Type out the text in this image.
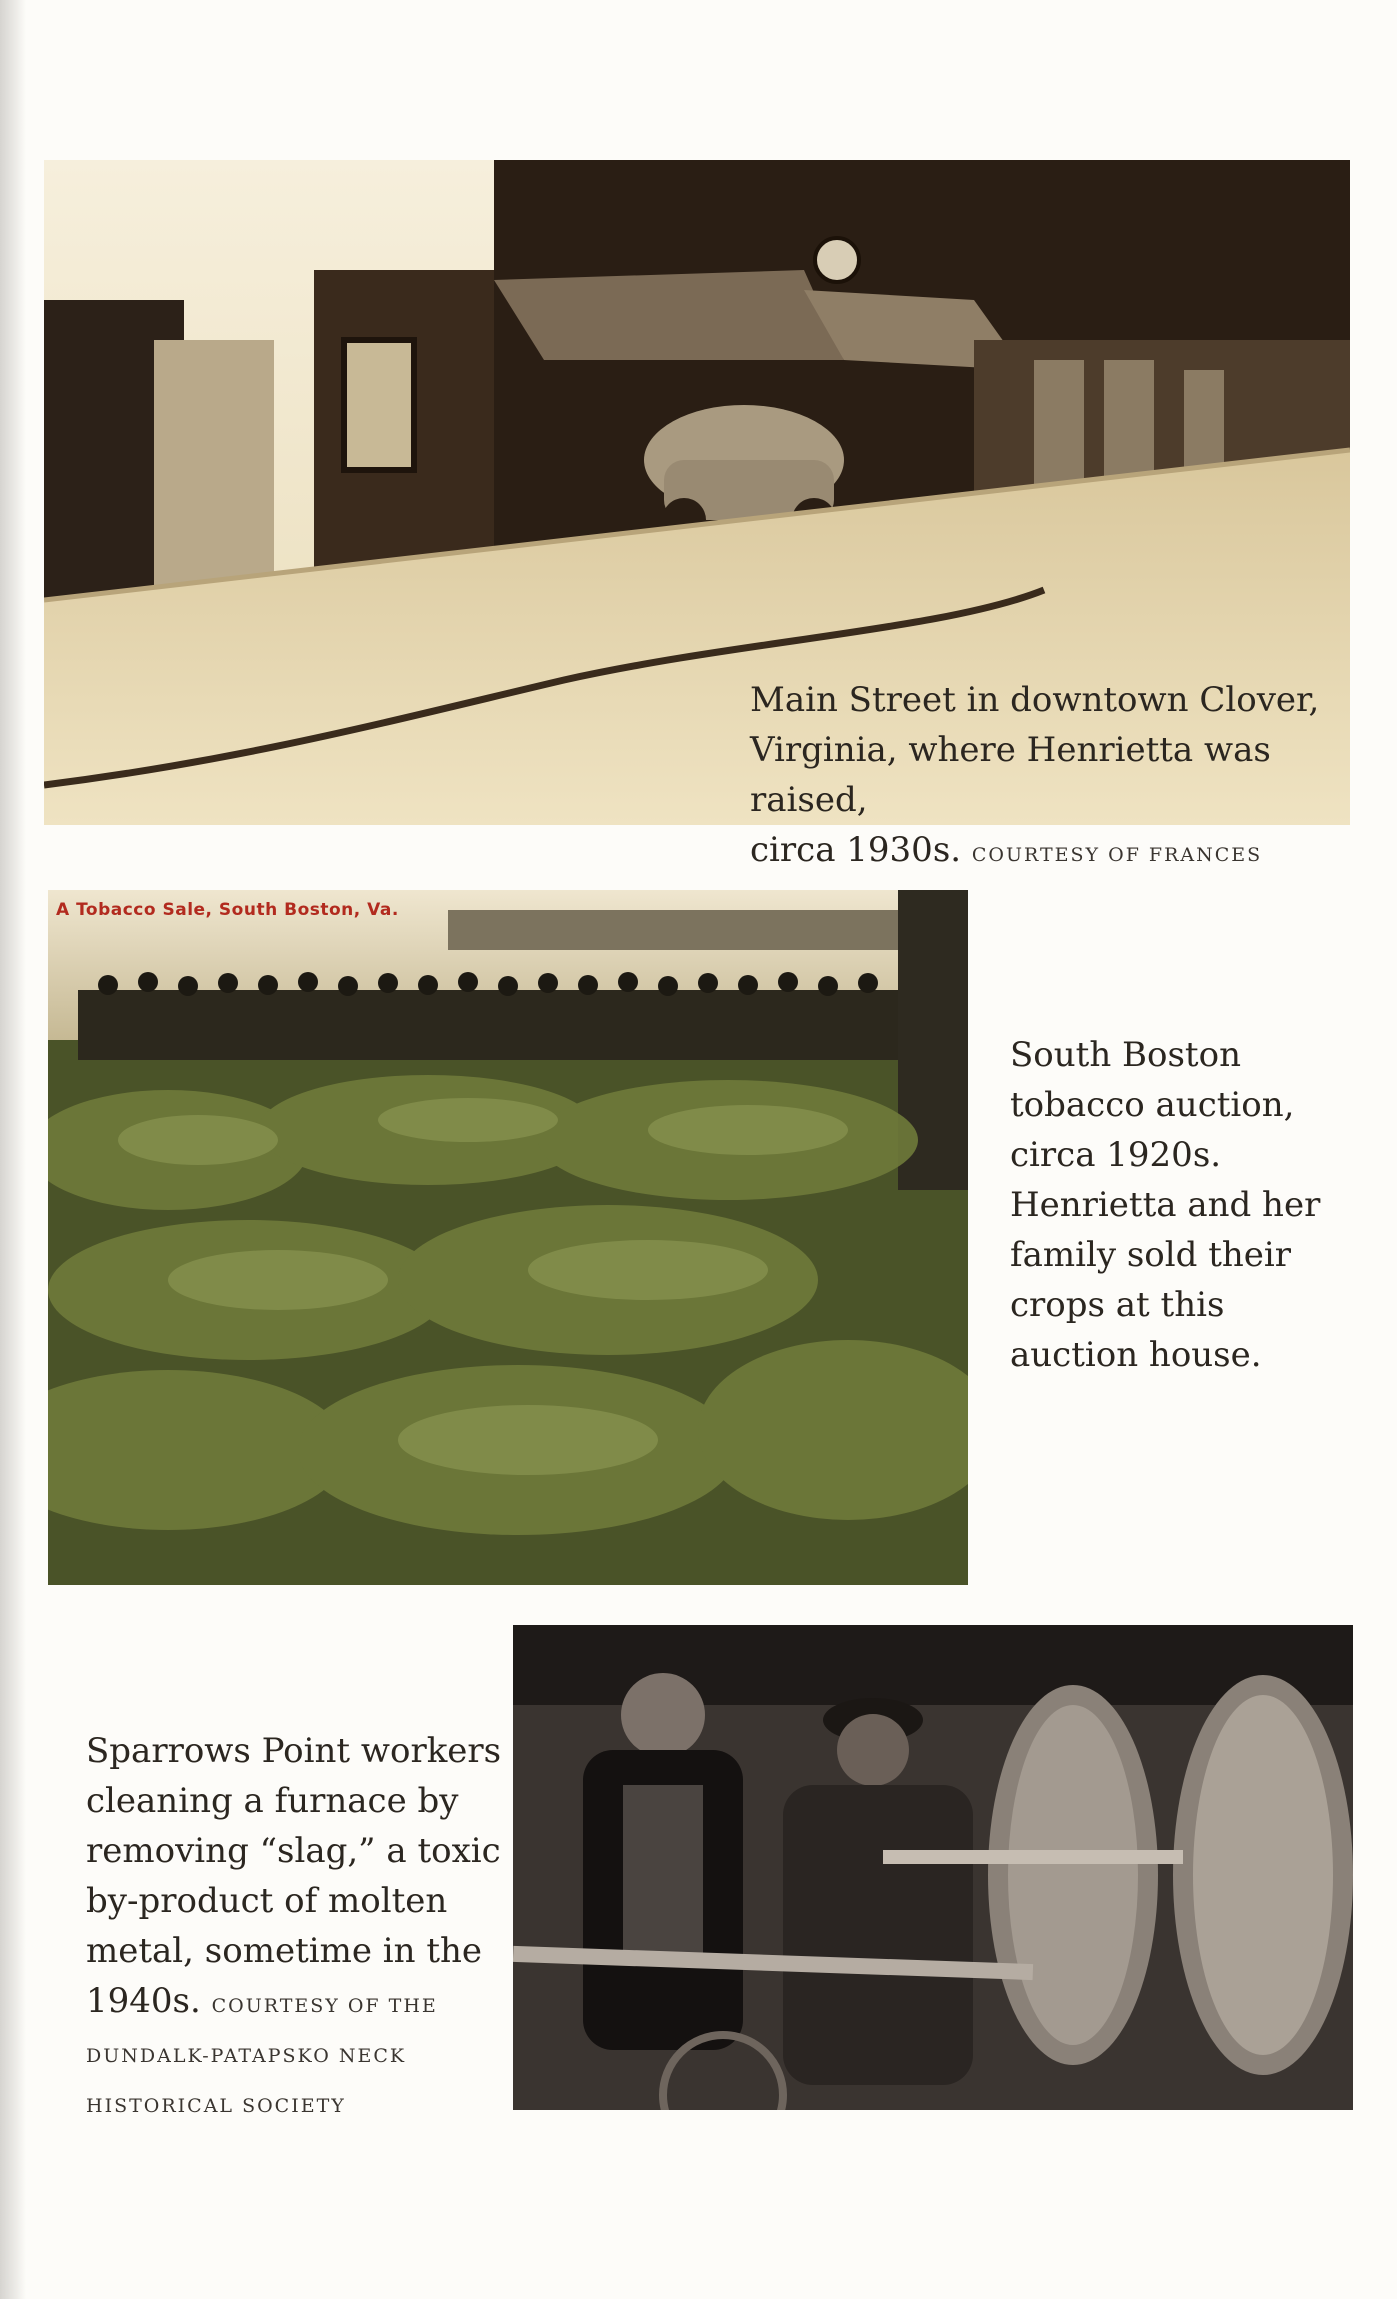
Main Street in downtown Clover,
Virginia, where Henrietta was raised,
circa 1930s. COURTESY OF FRANCES
A Tobacco Sale, South Boston, Va.
South Boston
tobacco auction,
circa 1920s.
Henrietta and her
family sold their
crops at this
auction house.
Sparrows Point workers
cleaning a furnace by
removing “slag,” a toxic
by-product of molten
metal, sometime in the
1940s. COURTESY OF THE
DUNDALK-PATAPSKO NECK
HISTORICAL SOCIETY
